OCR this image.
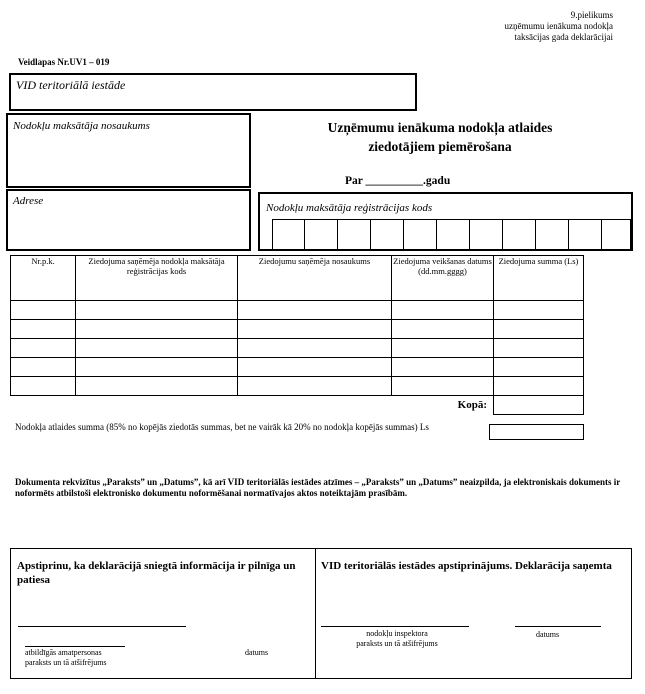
9.pielikums
uzņēmumu ienākuma nodokļa
taksācijas gada deklarācijai
Veidlapas Nr.UV1 – 019
VID teritoriālā iestāde
Nodokļu maksātāja nosaukums
Adrese
Uzņēmumu ienākuma nodokļa atlaides
ziedotājiem piemērošana
Par __________.gadu
Nodokļu maksātāja reģistrācijas kods
Nr.p.k.	Ziedojuma saņēmēja nodokļa maksātāja reģistrācijas kods	Ziedojumu saņēmēja nosaukums	Ziedojuma veikšanas datums (dd.mm.gggg)	Ziedojuma summa (Ls)

Kopā:				
Nodokļa atlaides summa (85% no kopējās ziedotās summas, bet ne vairāk kā 20% no nodokļa kopējās summas) Ls
Dokumenta rekvizītus „Paraksts” un „Datums”, kā arī VID teritoriālās iestādes atzīmes – „Paraksts” un „Datums” neaizpilda, ja elektroniskais dokuments ir noformēts atbilstoši elektronisko dokumentu noformēšanai normatīvajos aktos noteiktajām prasībām.
Apstiprinu, ka deklarācijā sniegtā informācija ir pilnīga un patiesa
atbildīgās amatpersonas
paraksts un tā atšifrējums
datums
VID teritoriālās iestādes apstiprinājums. Deklarācija saņemta
nodokļu inspektora
paraksts un tā atšifrējums
datums
